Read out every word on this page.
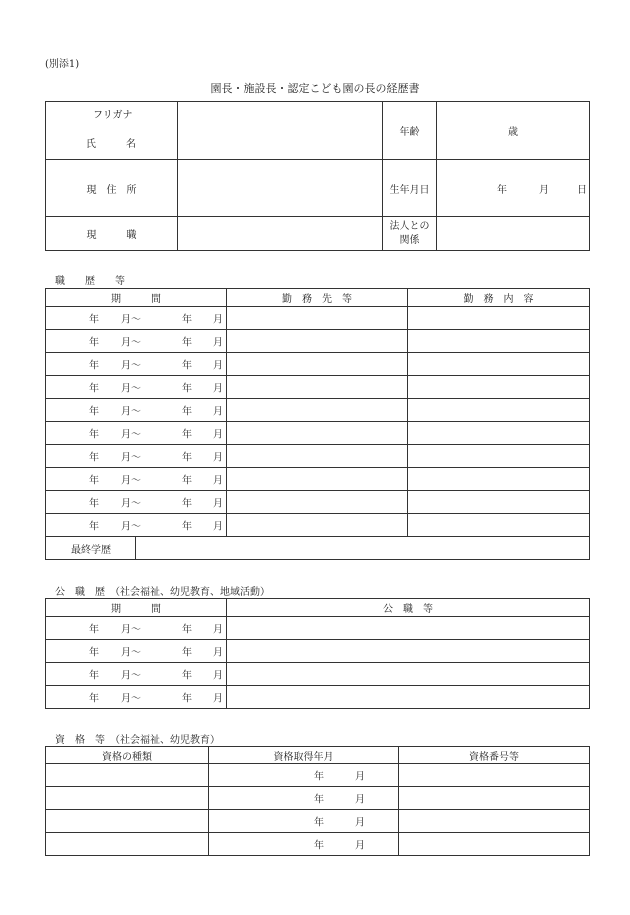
(別添1)
園長・施設長・認定こども園の長の経歴書
フリガナ
氏　　　名		年齢	歳
現　住　所		生年月日	年 月 日

現　　　職		法人との関係	

職　　歴　　等
期　　　間		勤　務　先　等	勤　務　内　容

年 月〜 年 月			

年 月〜 年 月			

年 月〜 年 月			

年 月〜 年 月			

年 月〜 年 月			

年 月〜 年 月			

年 月〜 年 月			

年 月〜 年 月			

年 月〜 年 月			

年 月〜 年 月			

最終学歴			
公　職　歴　 （社会福祉、幼児教育、地域活動）
期　　　間	公　職　等

年 月〜 年 月	

年 月〜 年 月	

年 月〜 年 月	

年 月〜 年 月	

資　格　等　 （社会福祉、幼児教育）
資格の種類	資格取得年月	資格番号等

	年 月	

	年 月	

	年 月	

	年 月	
